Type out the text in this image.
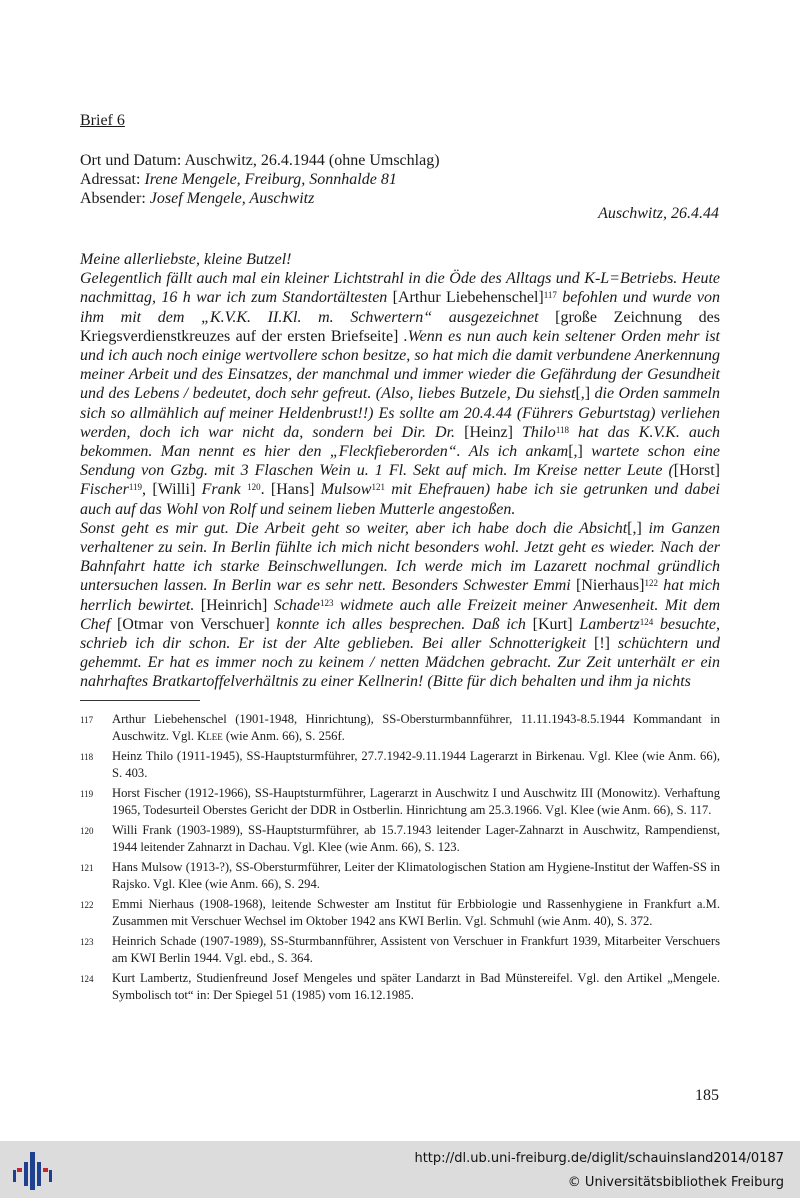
Brief 6
Ort und Datum: Auschwitz, 26.4.1944 (ohne Umschlag)
Adressat: Irene Mengele, Freiburg, Sonnhalde 81
Absender: Josef Mengele, Auschwitz
Auschwitz, 26.4.44

Meine allerliebste, kleine Butzel!

Gelegentlich fällt auch mal ein kleiner Lichtstrahl in die Öde des Alltags und K-L=Betriebs. Heute nachmittag, 16 h war ich zum Standortältesten [Arthur Liebehenschel]$^{117}$ befohlen und wurde von ihm mit dem „K.V.K. II.Kl. m. Schwertern“ ausgezeichnet [große Zeichnung des Kriegsverdienstkreuzes auf der ersten Briefseite] .Wenn es nun auch kein seltener Orden mehr ist und ich auch noch einige wertvollere schon besitze, so hat mich die damit verbundene Anerkennung meiner Arbeit und des Einsatzes, der manchmal und immer wieder die Gefährdung der Gesundheit und des Lebens / bedeutet, doch sehr gefreut. (Also, liebes Butzele, Du siehst[,] die Orden sammeln sich so allmählich auf meiner Heldenbrust!!) Es sollte am 20.4.44 (Führers Geburtstag) verliehen werden, doch ich war nicht da, sondern bei Dir. Dr. [Heinz] Thilo$^{118}$ hat das K.V.K. auch bekommen. Man nennt es hier den „Fleckfieberorden“. Als ich ankam[,] wartete schon eine Sendung von Gzbg. mit 3 Flaschen Wein u. 1 Fl. Sekt auf mich. Im Kreise netter Leute ([Horst] Fischer$^{119}$, [Willi] Frank $^{120}$. [Hans] Mulsow$^{121}$ mit Ehefrauen) habe ich sie getrunken und dabei auch auf das Wohl von Rolf und seinem lieben Mutterle angestoßen.

Sonst geht es mir gut. Die Arbeit geht so weiter, aber ich habe doch die Absicht[,] im Ganzen verhaltener zu sein. In Berlin fühlte ich mich nicht besonders wohl. Jetzt geht es wieder. Nach der Bahnfahrt hatte ich starke Beinschwellungen. Ich werde mich im Lazarett nochmal gründlich untersuchen lassen. In Berlin war es sehr nett. Besonders Schwester Emmi [Nierhaus]$^{122}$ hat mich herrlich bewirtet. [Heinrich] Schade$^{123}$ widmete auch alle Freizeit meiner Anwesenheit. Mit dem Chef [Otmar von Verschuer] konnte ich alles besprechen. Daß ich [Kurt] Lambertz$^{124}$ besuchte, schrieb ich dir schon. Er ist der Alte geblieben. Bei aller Schnotterigkeit [!] schüchtern und gehemmt. Er hat es immer noch zu keinem / netten Mädchen gebracht. Zur Zeit unterhält er ein nahrhaftes Bratkartoffelverhältnis zu einer Kellnerin! (Bitte für dich behalten und ihm ja nichts

117	Arthur Liebehenschel (1901-1948, Hinrichtung), SS-Obersturmbannführer, 11.11.1943-8.5.1944 Kommandant in Auschwitz. Vgl. Klee (wie Anm. 66), S. 256f.
118	Heinz Thilo (1911-1945), SS-Hauptsturmführer, 27.7.1942-9.11.1944 Lagerarzt in Birkenau. Vgl. Klee (wie Anm. 66), S. 403.
119	Horst Fischer (1912-1966), SS-Hauptsturmführer, Lagerarzt in Auschwitz I und Auschwitz III (Monowitz). Verhaftung 1965, Todesurteil Oberstes Gericht der DDR in Ostberlin. Hinrichtung am 25.3.1966. Vgl. Klee (wie Anm. 66), S. 117.
120	Willi Frank (1903-1989), SS-Hauptsturmführer, ab 15.7.1943 leitender Lager-Zahnarzt in Auschwitz, Rampendienst, 1944 leitender Zahnarzt in Dachau. Vgl. Klee (wie Anm. 66), S. 123.
121	Hans Mulsow (1913-?), SS-Obersturmführer, Leiter der Klimatologischen Station am Hygiene-Institut der Waffen-SS in Rajsko. Vgl. Klee (wie Anm. 66), S. 294.
122	Emmi Nierhaus (1908-1968), leitende Schwester am Institut für Erbbiologie und Rassenhygiene in Frankfurt a.M. Zusammen mit Verschuer Wechsel im Oktober 1942 ans KWI Berlin. Vgl. Schmuhl (wie Anm. 40), S. 372.
123	Heinrich Schade (1907-1989), SS-Sturmbannführer, Assistent von Verschuer in Frankfurt 1939, Mitarbeiter Verschuers am KWI Berlin 1944. Vgl. ebd., S. 364.
124	Kurt Lambertz, Studienfreund Josef Mengeles und später Landarzt in Bad Münstereifel. Vgl. den Artikel „Mengele. Symbolisch tot“ in: Der Spiegel 51 (1985) vom 16.12.1985.
185
http://dl.ub.uni-freiburg.de/diglit/schauinsland2014/0187
© Universitätsbibliothek Freiburg
